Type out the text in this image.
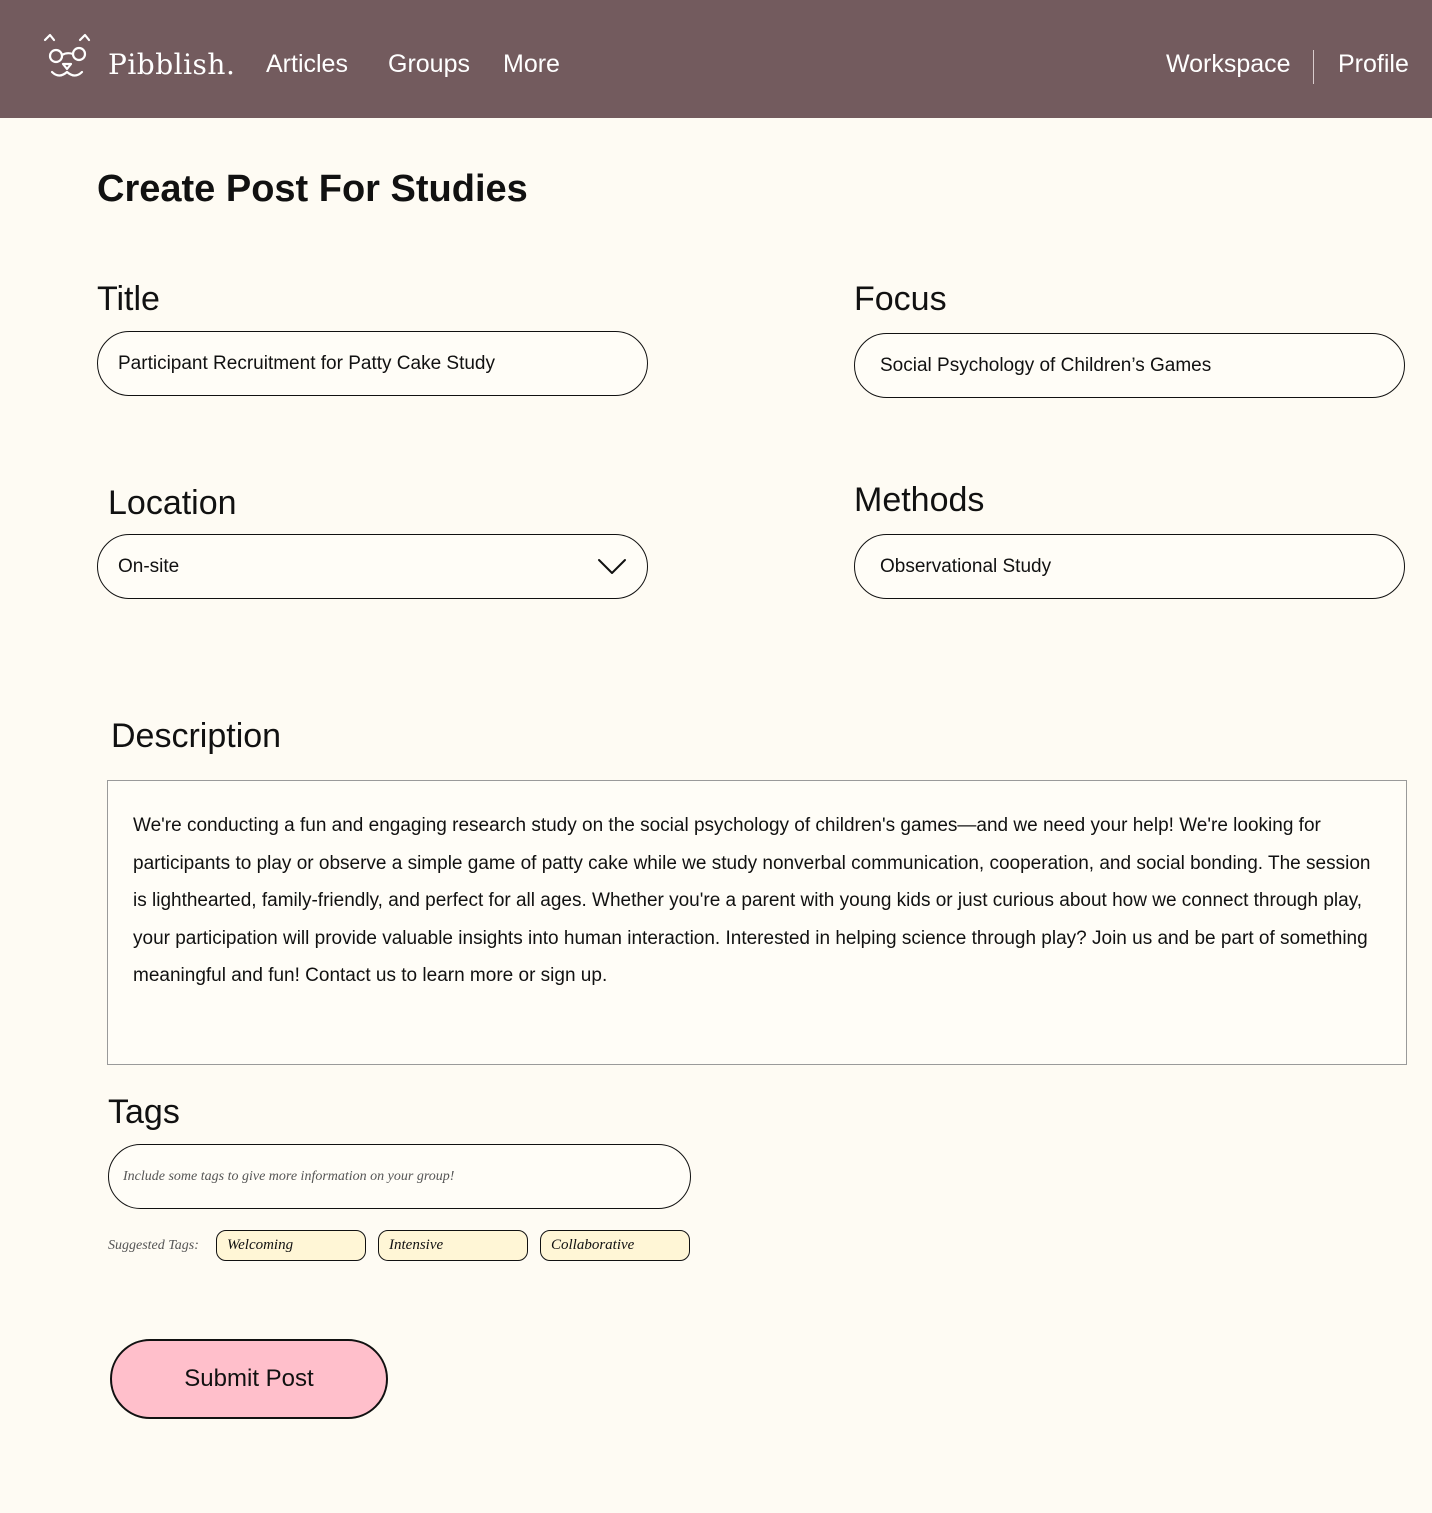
Pibblish. Articles Groups More	Workspace Profile
Create Post For Studies
Title
Participant Recruitment for Patty Cake Study
Focus
Social Psychology of Children’s Games
Location
On-site
Methods
Observational Study
Description

We're conducting a fun and engaging research study on the social psychology of children's games—and we need your help! We're looking for participants to play or observe a simple game of patty cake while we study nonverbal communication, cooperation, and social bonding. The session is lighthearted, family-friendly, and perfect for all ages. Whether you're a parent with young kids or just curious about how we connect through play, your participation will provide valuable insights into human interaction. Interested in helping science through play? Join us and be part of something meaningful and fun! Contact us to learn more or sign up.

Tags
Include some tags to give more information on your group!
Suggested Tags:	Welcoming	Intensive	Collaborative
Submit Post
